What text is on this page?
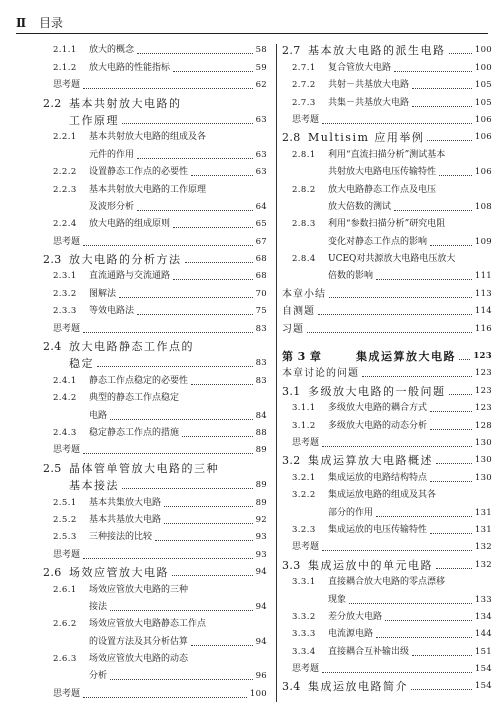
Ⅱ 目录
2.1.1	放大的概念	58
2.1.2	放大电路的性能指标	59
思考题	62
2.2 基本共射放大电路的
工作原理	63
2.2.1	基本共射放大电路的组成及各
元件的作用	63
2.2.2	设置静态工作点的必要性	63
2.2.3	基本共射放大电路的工作原理
及波形分析	64
2.2.4	放大电路的组成原则	65
思考题	67
2.3 放大电路的分析方法	68
2.3.1	直流通路与交流通路	68
2.3.2	图解法	70
2.3.3	等效电路法	75
思考题	83
2.4 放大电路静态工作点的
稳定	83
2.4.1	静态工作点稳定的必要性	83
2.4.2	典型的静态工作点稳定
电路	84
2.4.3	稳定静态工作点的措施	88
思考题	89
2.5 晶体管单管放大电路的三种
基本接法	89
2.5.1	基本共集放大电路	89
2.5.2	基本共基放大电路	92
2.5.3	三种接法的比较	93
思考题	93
2.6 场效应管放大电路	94
2.6.1	场效应管放大电路的三种
接法	94
2.6.2	场效应管放大电路静态工作点
的设置方法及其分析估算	94
2.6.3	场效应管放大电路的动态
分析	96
思考题	100
2.7 基本放大电路的派生电路	100
2.7.1	复合管放大电路	100
2.7.2	共射－共基放大电路	105
2.7.3	共集－共基放大电路	105
思考题	106
2.8 Multisim 应用举例	106
2.8.1	利用“直流扫描分析”测试基本
共射放大电路电压传输特性	106
2.8.2	放大电路静态工作点及电压
放大倍数的测试	108
2.8.3	利用“参数扫描分析”研究电阻
变化对静态工作点的影响	109
2.8.4	UCEQ对共源放大电路电压放大
倍数的影响	111
本章小结	113
自测题	114
习题	116
第 3 章	集成运算放大电路 123
本章讨论的问题	123
3.1 多级放大电路的一般问题	123
3.1.1	多级放大电路的耦合方式	123
3.1.2	多级放大电路的动态分析	128
思考题	130
3.2 集成运算放大电路概述	130
3.2.1	集成运放的电路结构特点	130
3.2.2	集成运放电路的组成及其各
部分的作用	131
3.2.3	集成运放的电压传输特性	131
思考题	132
3.3 集成运放中的单元电路	132
3.3.1	直接耦合放大电路的零点漂移
现象	133
3.3.2	差分放大电路	134
3.3.3	电流源电路	144
3.3.4	直接耦合互补输出级	151
思考题	154
3.4 集成运放电路简介	154
